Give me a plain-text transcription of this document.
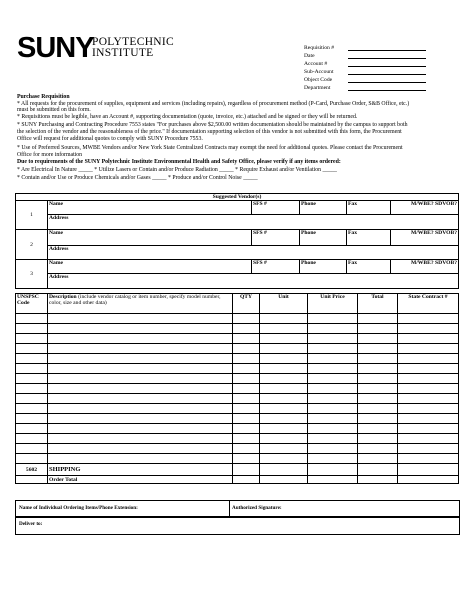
SUNY
POLYTECHNIC
INSTITUTE	Requisition #
Date
Account #
Sub-Account
Object Code
Department
Purchase Requisition
* All requests for the procurement of supplies, equipment and services (including repairs), regardless of procurement method (P-Card, Purchase Order, S&B Office, etc.)
must be submitted on this form.
* Requisitions must be legible, have an Account #, supporting documentation (quote, invoice, etc.) attached and be signed or they will be returned.
* SUNY Purchasing and Contracting Procedure 7553 states "For purchases above $2,500.00 written documentation should be maintained by the campus to support both
the selection of the vendor and the reasonableness of the price." If documentation supporting selection of this vendor is not submitted with this form, the Procurement
Office will request for additional quotes to comply with SUNY Procedure 7553.
* Use of Preferred Sources, MWBE Vendors and/or New York State Centralized Contracts may exempt the need for additional quotes. Please contact the Procurement
Office for more information
Due to requirements of the SUNY Polytechnic Institute Environmental Health and Safety Office, please verify if any items ordered:
* Are Electrical In Nature _____ * Utilize Lasers or Contain and/or Produce Radiation _____ * Require Exhaust and/or Ventilation _____
* Contain and/or Use or Produce Chemicals and/or Gases _____ * Produce and/or Control Noise _____
Suggested Vendor(s)					
1	Name	SFS #	Phone	Fax	M/WBE? SDVOB?
	Address				
2	Name	SFS #	Phone	Fax	M/WBE? SDVOB?
	Address				
3	Name	SFS #	Phone	Fax	M/WBE? SDVOB?
	Address				
UNSPSC Code	Description (include vendor catalog or item number, specify model number, color, size and other data)	QTY	Unit	Unit Price	Total	State Contract #

5602	SHIPPING					
	Order Total					
Name of Individual Ordering Items/Phone Extension:	Authorized Signature:
Deliver to:
